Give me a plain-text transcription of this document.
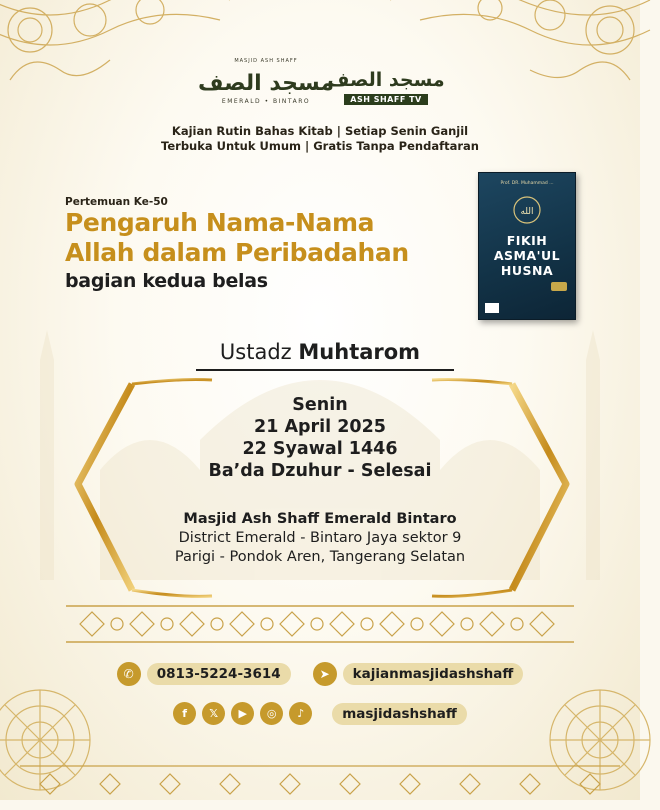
MASJID ASH SHAFF
مسجد الصف
EMERALD • BINTARO
مسجد الصف
ASH SHAFF TV
Kajian Rutin Bahas Kitab | Setiap Senin Ganjil
Terbuka Untuk Umum | Gratis Tanpa Pendaftaran
Pertemuan Ke-50
Pengaruh Nama-Nama
Allah dalam Peribadahan
bagian kedua belas
Prof. DR. Muhammad ...
الله
FIKIH
ASMA'UL
HUSNA
Ustadz Muhtarom
Senin
21 April 2025
22 Syawal 1446
Ba’da Dzuhur - Selesai
Masjid Ash Shaff Emerald Bintaro
District Emerald - Bintaro Jaya sektor 9
Parigi - Pondok Aren, Tangerang Selatan
✆	0813-5224-3614	➤	kajianmasjidashshaff
f	𝕏	▶	◎	♪	masjidashshaff
